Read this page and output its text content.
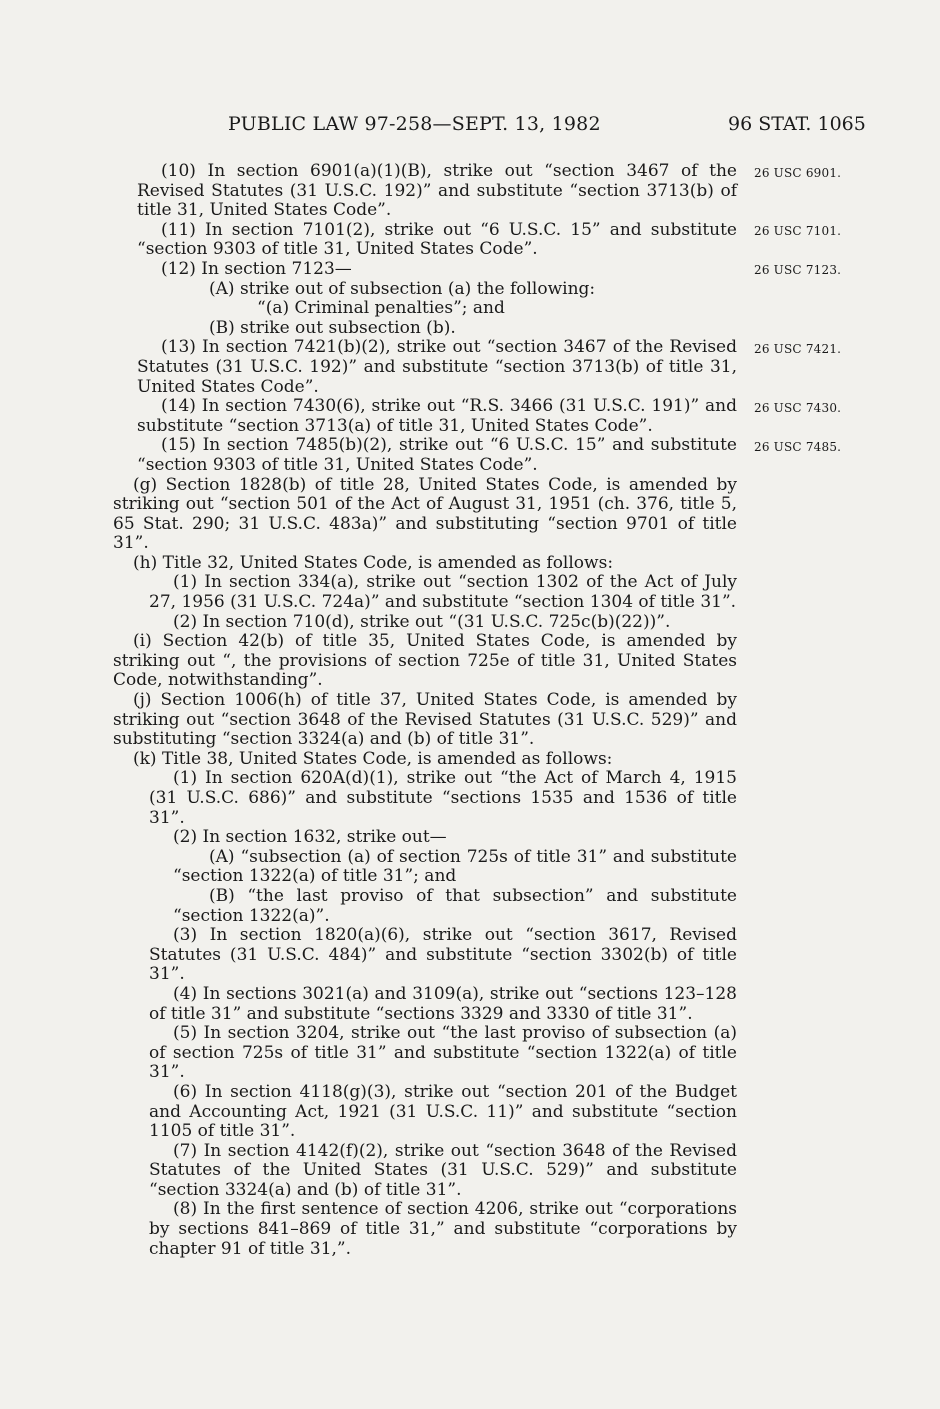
PUBLIC LAW 97-258—SEPT. 13, 1982	96 STAT. 1065
26 USC 6901.
26 USC 7101.
26 USC 7123.
26 USC 7421.
26 USC 7430.
26 USC 7485.

(10) In section 6901(a)(1)(B), strike out “section 3467 of the Revised Statutes (31 U.S.C. 192)” and substitute “section 3713(b) of title 31, United States Code”.

(11) In section 7101(2), strike out “6 U.S.C. 15” and substitute “section 9303 of title 31, United States Code”.

(12) In section 7123—

(A) strike out of subsection (a) the following:

“(a) Criminal penalties”; and

(B) strike out subsection (b).

(13) In section 7421(b)(2), strike out “section 3467 of the Revised Statutes (31 U.S.C. 192)” and substitute “section 3713(b) of title 31, United States Code”.

(14) In section 7430(6), strike out “R.S. 3466 (31 U.S.C. 191)” and substitute “section 3713(a) of title 31, United States Code”.

(15) In section 7485(b)(2), strike out “6 U.S.C. 15” and substitute “section 9303 of title 31, United States Code”.

(g) Section 1828(b) of title 28, United States Code, is amended by striking out “section 501 of the Act of August 31, 1951 (ch. 376, title 5, 65 Stat. 290; 31 U.S.C. 483a)” and substituting “section 9701 of title 31”.

(h) Title 32, United States Code, is amended as follows:

(1) In section 334(a), strike out “section 1302 of the Act of July 27, 1956 (31 U.S.C. 724a)” and substitute “section 1304 of title 31”.

(2) In section 710(d), strike out “(31 U.S.C. 725c(b)(22))”.

(i) Section 42(b) of title 35, United States Code, is amended by striking out “, the provisions of section 725e of title 31, United States Code, notwithstanding”.

(j) Section 1006(h) of title 37, United States Code, is amended by striking out “section 3648 of the Revised Statutes (31 U.S.C. 529)” and substituting “section 3324(a) and (b) of title 31”.

(k) Title 38, United States Code, is amended as follows:

(1) In section 620A(d)(1), strike out “the Act of March 4, 1915 (31 U.S.C. 686)” and substitute “sections 1535 and 1536 of title 31”.

(2) In section 1632, strike out—

(A) “subsection (a) of section 725s of title 31” and substitute “section 1322(a) of title 31”; and

(B) “the last proviso of that subsection” and substitute “section 1322(a)”.

(3) In section 1820(a)(6), strike out “section 3617, Revised Statutes (31 U.S.C. 484)” and substitute “section 3302(b) of title 31”.

(4) In sections 3021(a) and 3109(a), strike out “sections 123–128 of title 31” and substitute “sections 3329 and 3330 of title 31”.

(5) In section 3204, strike out “the last proviso of subsection (a) of section 725s of title 31” and substitute “section 1322(a) of title 31”.

(6) In section 4118(g)(3), strike out “section 201 of the Budget and Accounting Act, 1921 (31 U.S.C. 11)” and substitute “section 1105 of title 31”.

(7) In section 4142(f)(2), strike out “section 3648 of the Revised Statutes of the United States (31 U.S.C. 529)” and substitute “section 3324(a) and (b) of title 31”.

(8) In the first sentence of section 4206, strike out “corporations by sections 841–869 of title 31,” and substitute “corporations by chapter 91 of title 31,”.
